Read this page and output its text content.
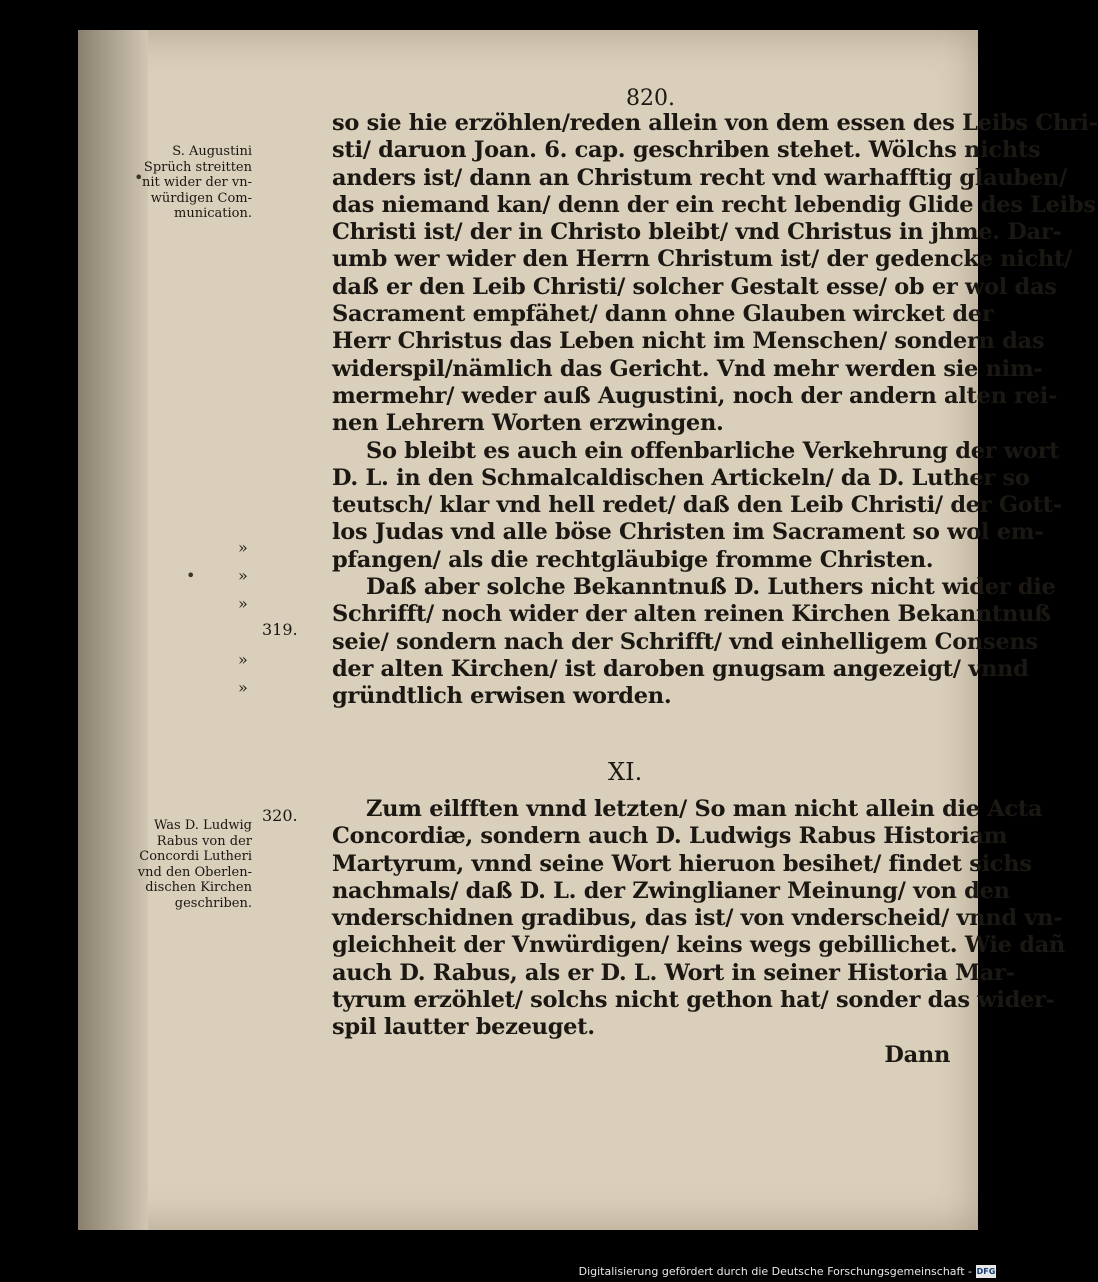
820.
S. Augustini
Sprüch streitten
nit wider der vn-
würdigen Com-
munication.
•
•
319.
320.
»
»
»
»
»
Was D. Ludwig
Rabus von der
Concordi Lutheri
vnd den Oberlen-
dischen Kirchen
geschriben.
so sie hie erzöhlen/reden allein von dem essen des Leibs Chri-
sti/ daruon Joan. 6. cap. geschriben stehet. Wölchs nichts
anders ist/ dann an Christum recht vnd warhafftig glauben/
das niemand kan/ denn der ein recht lebendig Glide des Leibs
Christi ist/ der in Christo bleibt/ vnd Christus in jhme. Dar-
umb wer wider den Herrn Christum ist/ der gedencke nicht/
daß er den Leib Christi/ solcher Gestalt esse/ ob er wol das
Sacrament empfähet/ dann ohne Glauben wircket der
Herr Christus das Leben nicht im Menschen/ sondern das
widerspil/nämlich das Gericht. Vnd mehr werden sie nim-
mermehr/ weder auß Augustini, noch der andern alten rei-
nen Lehrern Worten erzwingen.
So bleibt es auch ein offenbarliche Verkehrung der wort
D. L. in den Schmalcaldischen Artickeln/ da D. Luther so
teutsch/ klar vnd hell redet/ daß den Leib Christi/ der Gott-
los Judas vnd alle böse Christen im Sacrament so wol em-
pfangen/ als die rechtgläubige fromme Christen.
Daß aber solche Bekanntnuß D. Luthers nicht wider die
Schrifft/ noch wider der alten reinen Kirchen Bekanntnuß
seie/ sondern nach der Schrifft/ vnd einhelligem Consens
der alten Kirchen/ ist daroben gnugsam angezeigt/ vnnd
gründtlich erwisen worden.
XI.
Zum eilfften vnnd letzten/ So man nicht allein die Acta
Concordiæ, sondern auch D. Ludwigs Rabus Historiam
Martyrum, vnnd seine Wort hieruon besihet/ findet sichs
nachmals/ daß D. L. der Zwinglianer Meinung/ von den
vnderschidnen gradibus, das ist/ von vnderscheid/ vnnd vn-
gleichheit der Vnwürdigen/ keins wegs gebillichet. Wie dañ
auch D. Rabus, als er D. L. Wort in seiner Historia Mar-
tyrum erzöhlet/ solchs nicht gethon hat/ sonder das wider-
spil lautter bezeuget.
Dann
Digitalisierung gefördert durch die Deutsche Forschungsgemeinschaft - DFG
